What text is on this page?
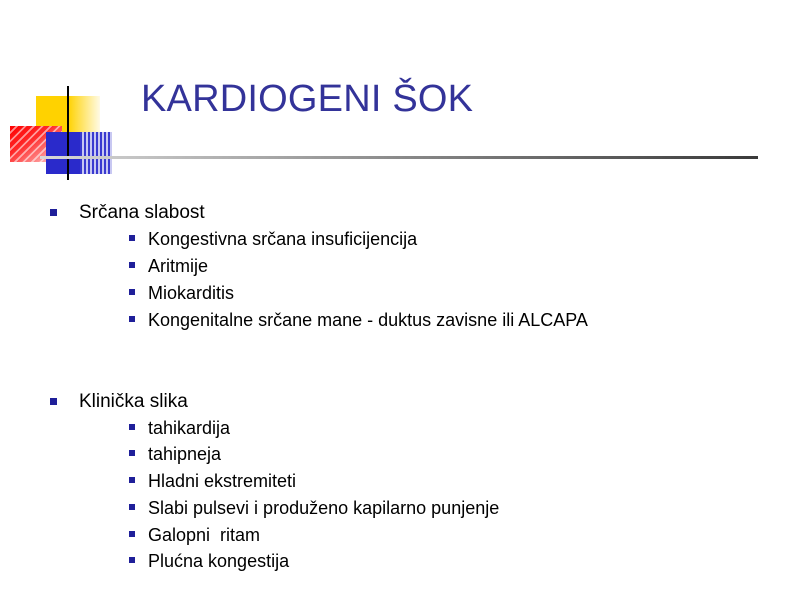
KARDIOGENI ŠOK
Srčana slabost
Kongestivna srčana insuficijencija
Aritmije
Miokarditis
Kongenitalne srčane mane - duktus zavisne ili ALCAPA
Klinička slika
tahikardija
tahipneja
Hladni ekstremiteti
Slabi pulsevi i produženo kapilarno punjenje
Galopni  ritam
Plućna kongestija
